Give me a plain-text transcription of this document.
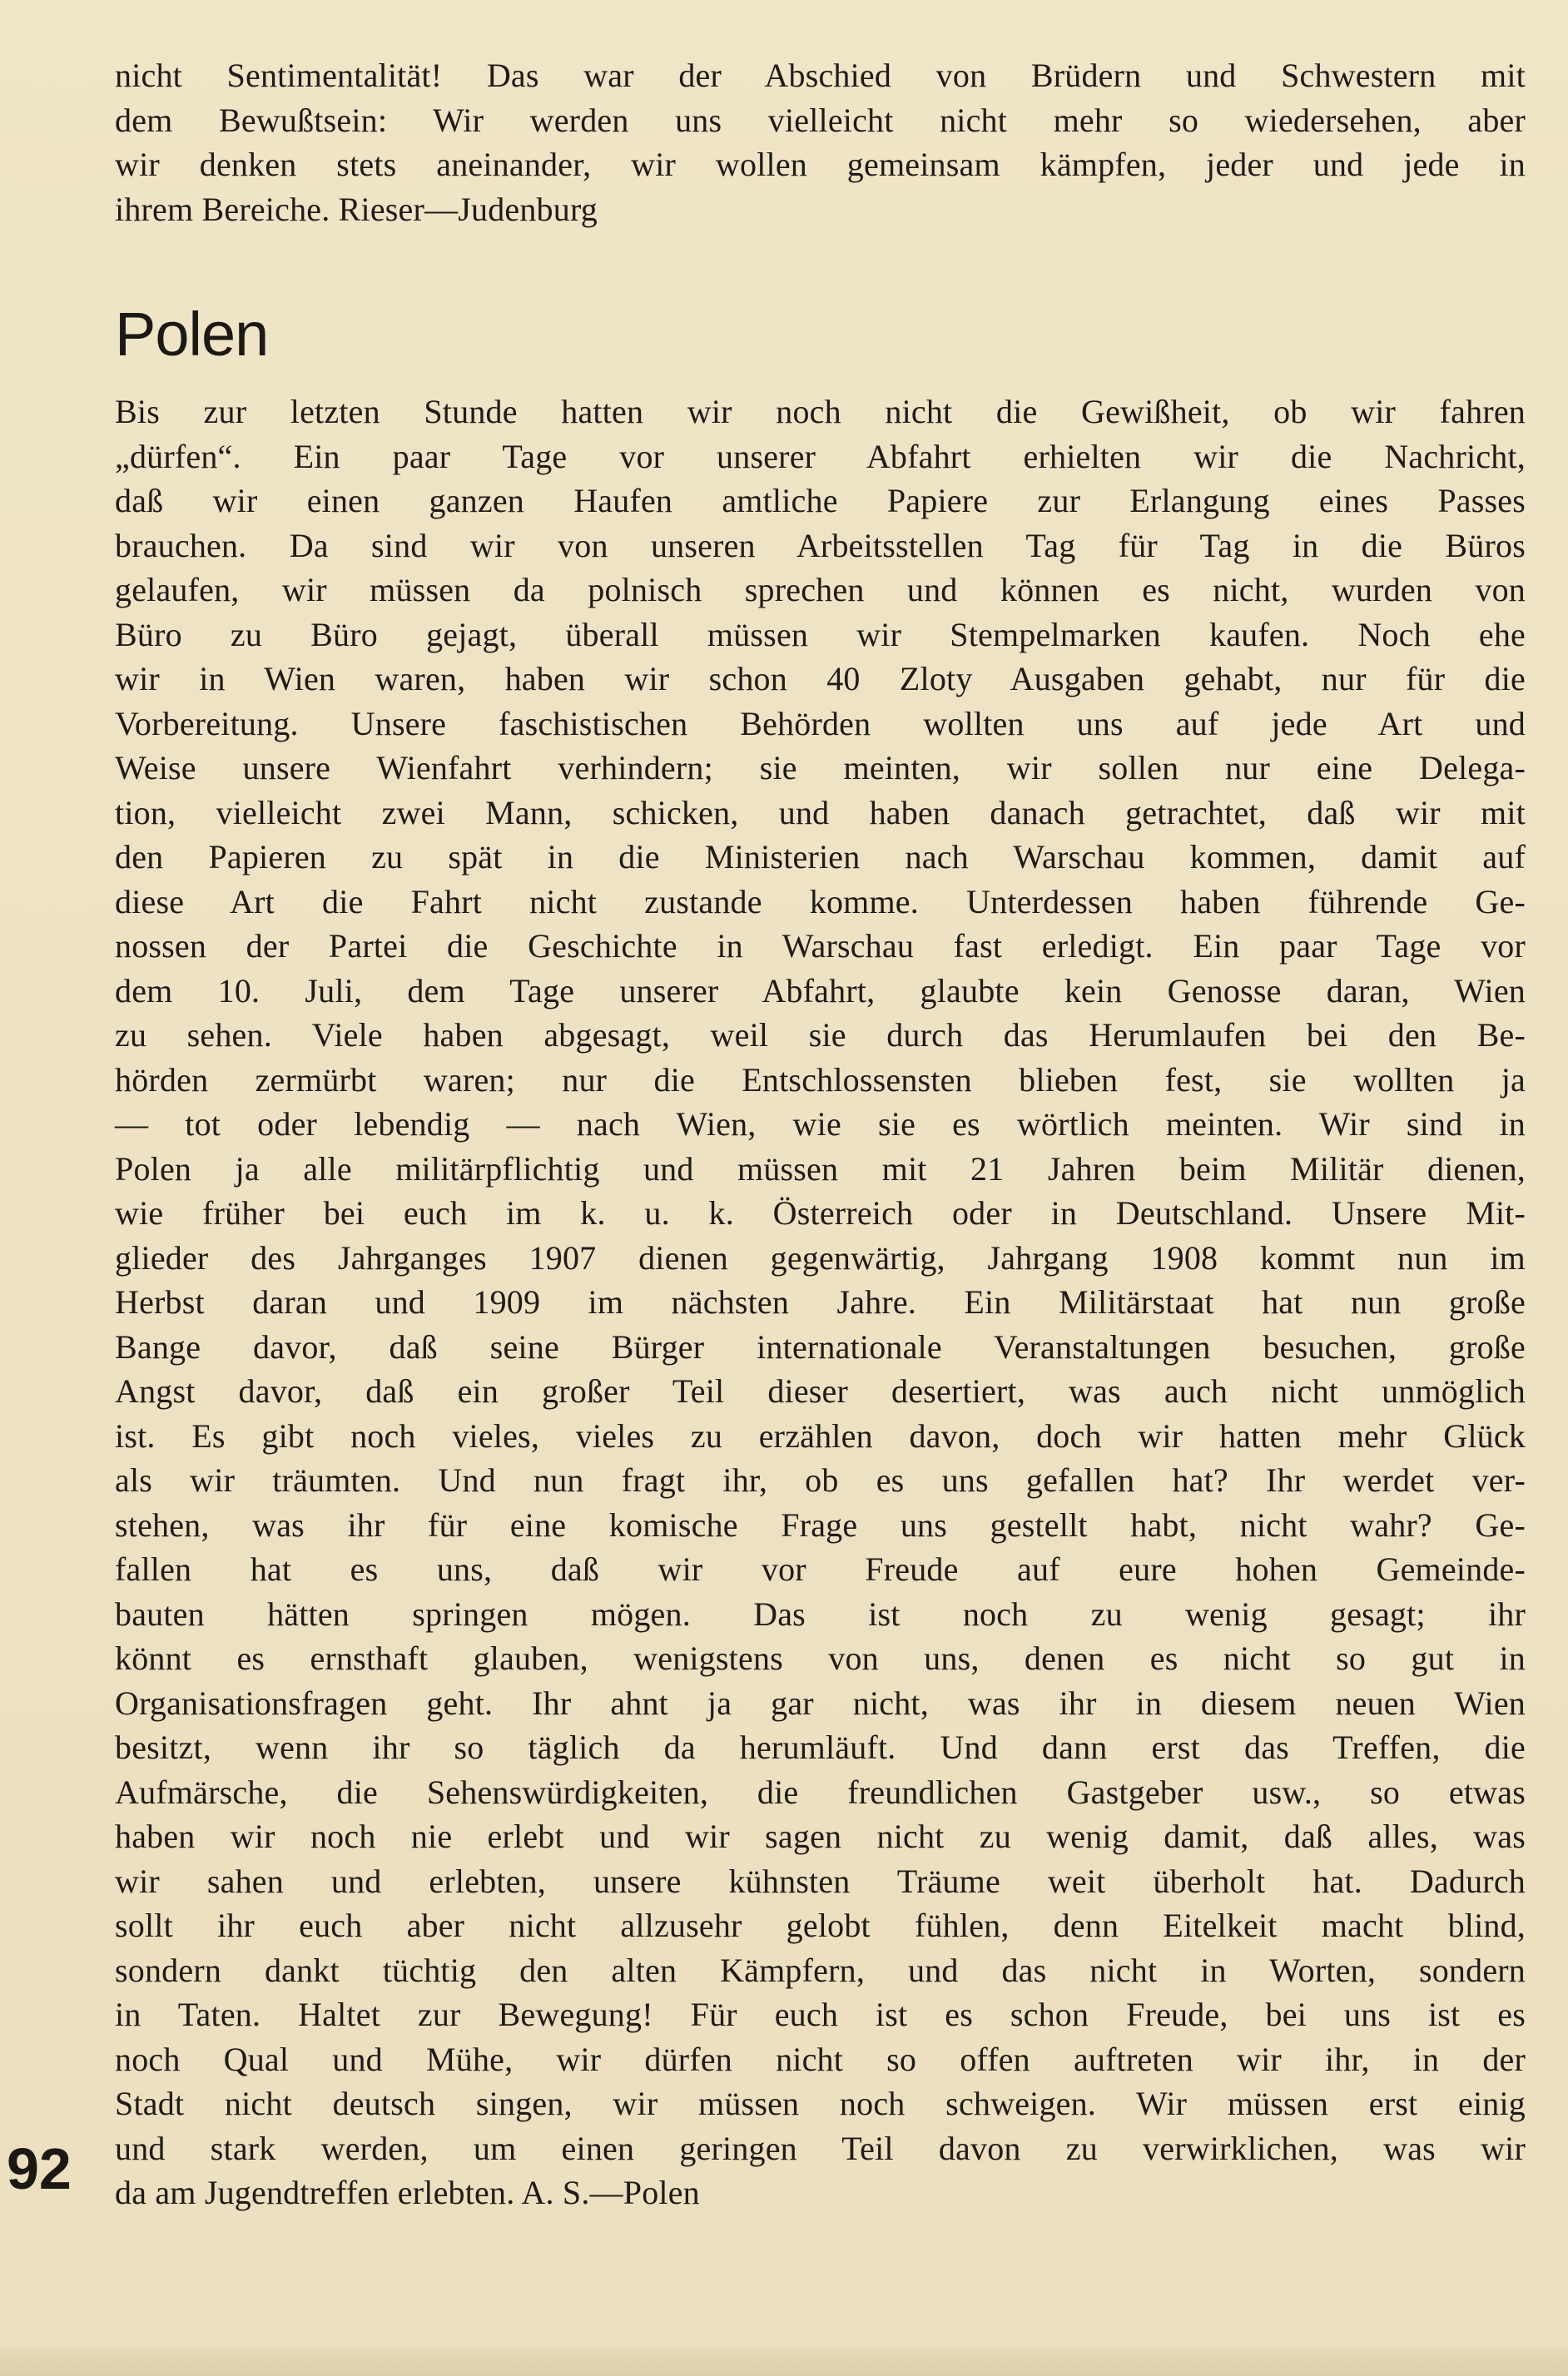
nicht Sentimentalität! Das war der Abschied von Brüdern und Schwestern mit
dem Bewußtsein: Wir werden uns vielleicht nicht mehr so wiedersehen, aber
wir denken stets aneinander, wir wollen gemeinsam kämpfen, jeder und jede in
ihrem Bereiche. Rieser—Judenburg
Polen
Bis zur letzten Stunde hatten wir noch nicht die Gewißheit, ob wir fahren
„dürfen“. Ein paar Tage vor unserer Abfahrt erhielten wir die Nachricht,
daß wir einen ganzen Haufen amtliche Papiere zur Erlangung eines Passes
brauchen. Da sind wir von unseren Arbeitsstellen Tag für Tag in die Büros
gelaufen, wir müssen da polnisch sprechen und können es nicht, wurden von
Büro zu Büro gejagt, überall müssen wir Stempelmarken kaufen. Noch ehe
wir in Wien waren, haben wir schon 40 Zloty Ausgaben gehabt, nur für die
Vorbereitung. Unsere faschistischen Behörden wollten uns auf jede Art und
Weise unsere Wienfahrt verhindern; sie meinten, wir sollen nur eine Delega-
tion, vielleicht zwei Mann, schicken, und haben danach getrachtet, daß wir mit
den Papieren zu spät in die Ministerien nach Warschau kommen, damit auf
diese Art die Fahrt nicht zustande komme. Unterdessen haben führende Ge-
nossen der Partei die Geschichte in Warschau fast erledigt. Ein paar Tage vor
dem 10. Juli, dem Tage unserer Abfahrt, glaubte kein Genosse daran, Wien
zu sehen. Viele haben abgesagt, weil sie durch das Herumlaufen bei den Be-
hörden zermürbt waren; nur die Entschlossensten blieben fest, sie wollten ja
— tot oder lebendig — nach Wien, wie sie es wörtlich meinten. Wir sind in
Polen ja alle militärpflichtig und müssen mit 21 Jahren beim Militär dienen,
wie früher bei euch im k. u. k. Österreich oder in Deutschland. Unsere Mit-
glieder des Jahrganges 1907 dienen gegenwärtig, Jahrgang 1908 kommt nun im
Herbst daran und 1909 im nächsten Jahre. Ein Militärstaat hat nun große
Bange davor, daß seine Bürger internationale Veranstaltungen besuchen, große
Angst davor, daß ein großer Teil dieser desertiert, was auch nicht unmöglich
ist. Es gibt noch vieles, vieles zu erzählen davon, doch wir hatten mehr Glück
als wir träumten. Und nun fragt ihr, ob es uns gefallen hat? Ihr werdet ver-
stehen, was ihr für eine komische Frage uns gestellt habt, nicht wahr? Ge-
fallen hat es uns, daß wir vor Freude auf eure hohen Gemeinde-
bauten hätten springen mögen. Das ist noch zu wenig gesagt; ihr
könnt es ernsthaft glauben, wenigstens von uns, denen es nicht so gut in
Organisationsfragen geht. Ihr ahnt ja gar nicht, was ihr in diesem neuen Wien
besitzt, wenn ihr so täglich da herumläuft. Und dann erst das Treffen, die
Aufmärsche, die Sehenswürdigkeiten, die freundlichen Gastgeber usw., so etwas
haben wir noch nie erlebt und wir sagen nicht zu wenig damit, daß alles, was
wir sahen und erlebten, unsere kühnsten Träume weit überholt hat. Dadurch
sollt ihr euch aber nicht allzusehr gelobt fühlen, denn Eitelkeit macht blind,
sondern dankt tüchtig den alten Kämpfern, und das nicht in Worten, sondern
in Taten. Haltet zur Bewegung! Für euch ist es schon Freude, bei uns ist es
noch Qual und Mühe, wir dürfen nicht so offen auftreten wir ihr, in der
Stadt nicht deutsch singen, wir müssen noch schweigen. Wir müssen erst einig
und stark werden, um einen geringen Teil davon zu verwirklichen, was wir
da am Jugendtreffen erlebten. A. S.—Polen
92
